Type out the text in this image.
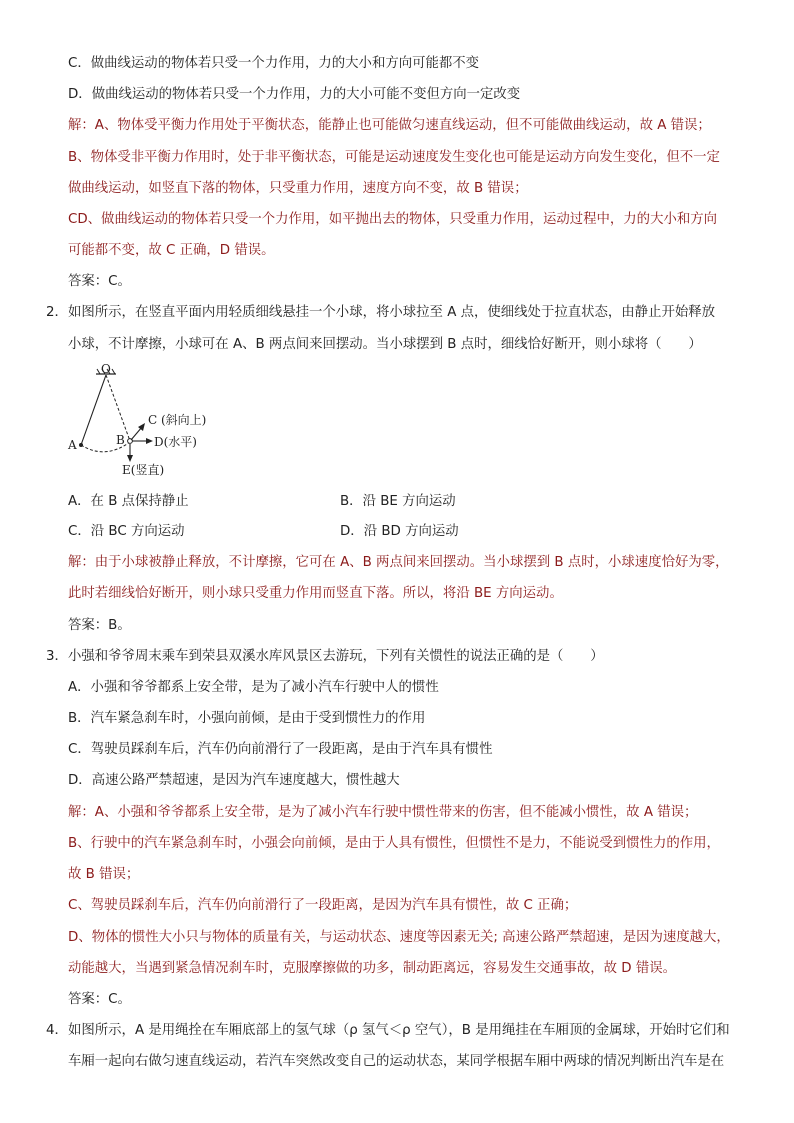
C．做曲线运动的物体若只受一个力作用，力的大小和方向可能都不变
D．做曲线运动的物体若只受一个力作用，力的大小可能不变但方向一定改变
解：A、物体受平衡力作用处于平衡状态，能静止也可能做匀速直线运动，但不可能做曲线运动，故 A 错误；
B、物体受非平衡力作用时，处于非平衡状态，可能是运动速度发生变化也可能是运动方向发生变化，但不一定
做曲线运动，如竖直下落的物体，只受重力作用，速度方向不变，故 B 错误；
CD、做曲线运动的物体若只受一个力作用，如平抛出去的物体，只受重力作用，运动过程中，力的大小和方向
可能都不变，故 C 正确，D 错误。
答案：C。
2． 如图所示，在竖直平面内用轻质细线悬挂一个小球，将小球拉至 A 点，使细线处于拉直状态，由静止开始释放
小球，不计摩擦，小球可在 A、B 两点间来回摆动。当小球摆到 B 点时，细线恰好断开，则小球将（　　）
O
A	B
C (斜向上)
D(水平)
E(竖直)
A．在 B 点保持静止	B．沿 BE 方向运动
C．沿 BC 方向运动	D．沿 BD 方向运动
解：由于小球被静止释放，不计摩擦，它可在 A、B 两点间来回摆动。当小球摆到 B 点时，小球速度恰好为零，
此时若细线恰好断开，则小球只受重力作用而竖直下落。所以，将沿 BE 方向运动。
答案：B。
3． 小强和爷爷周末乘车到荣县双溪水库风景区去游玩，下列有关惯性的说法正确的是（　　）
A．小强和爷爷都系上安全带，是为了减小汽车行驶中人的惯性
B．汽车紧急刹车时，小强向前倾，是由于受到惯性力的作用
C．驾驶员踩刹车后，汽车仍向前滑行了一段距离，是由于汽车具有惯性
D．高速公路严禁超速，是因为汽车速度越大，惯性越大
解：A、小强和爷爷都系上安全带，是为了减小汽车行驶中惯性带来的伤害，但不能减小惯性，故 A 错误；
B、行驶中的汽车紧急刹车时，小强会向前倾，是由于人具有惯性，但惯性不是力，不能说受到惯性力的作用，
故 B 错误；
C、驾驶员踩刹车后，汽车仍向前滑行了一段距离，是因为汽车具有惯性，故 C 正确；
D、物体的惯性大小只与物体的质量有关，与运动状态、速度等因素无关; 高速公路严禁超速，是因为速度越大，
动能越大，当遇到紧急情况刹车时，克服摩擦做的功多，制动距离远，容易发生交通事故，故 D 错误。
答案：C。
4． 如图所示，A 是用绳拴在车厢底部上的氢气球（ρ 氢气＜ρ 空气），B 是用绳挂在车厢顶的金属球，开始时它们和
车厢一起向右做匀速直线运动，若汽车突然改变自己的运动状态，某同学根据车厢中两球的情况判断出汽车是在
